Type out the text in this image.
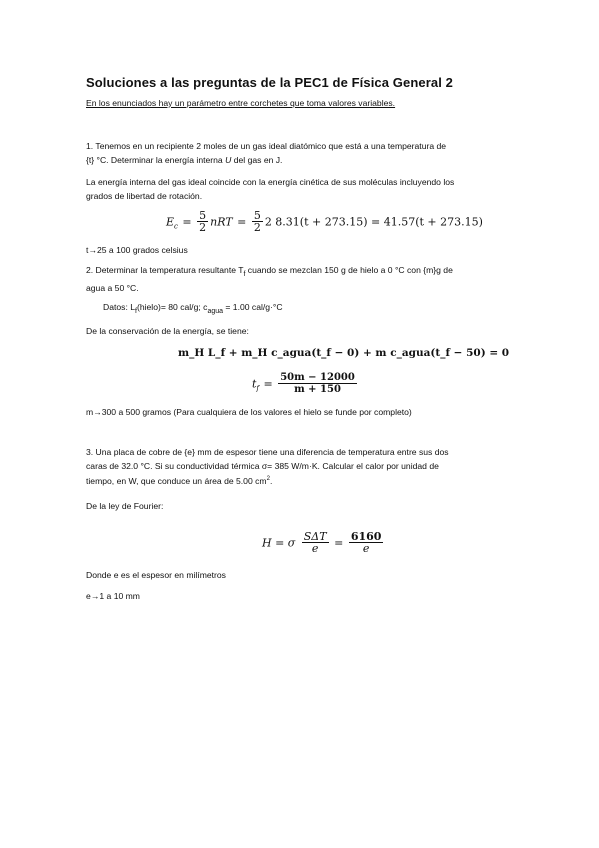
Soluciones a las preguntas de la PEC1 de Física General 2
En los enunciados hay un parámetro entre corchetes que toma valores variables.
1. Tenemos en un recipiente 2 moles de un gas ideal diatómico que está a una temperatura de
{t} °C. Determinar la energía interna U del gas en J.
La energía interna del gas ideal coincide con la energía cinética de sus moléculas incluyendo los
grados de libertad de rotación.
$E_c = \frac{5}{2}$ nRT = $\frac{5}{2} 2$ 8.31(t + 273.15) = 41.57(t + 273.15)
t→25 a 100 grados celsius
2. Determinar la temperatura resultante $T_f$ cuando se mezclan 150 g de hielo a 0 °C con {m}g de
agua a 50 °C.
Datos: $L_f(hielo)= 80$ cal/g; $c_{agua} = 1.00$ cal/g·°C
De la conservación de la energía, se tiene:
m_H L_f + m_H c_agua(t_f − 0) + m c_agua(t_f − 50) = 0
$t_f = \frac{50m - 12000}{m + 150}$
m→300 a 500 gramos (Para cualquiera de los valores el hielo se funde por completo)
3. Una placa de cobre de {e} mm de espesor tiene una diferencia de temperatura entre sus dos
caras de 32.0 °C. Si su conductividad térmica σ= 385 W/m·K. Calcular el calor por unidad de
tiempo, en W, que conduce un área de 5.00 $cm^2$.
De la ley de Fourier:
H = σ $\frac{\text{SΔT}}{e} = \frac{6160}{e}$
Donde e es el espesor en milímetros
e→1 a 10 mm
